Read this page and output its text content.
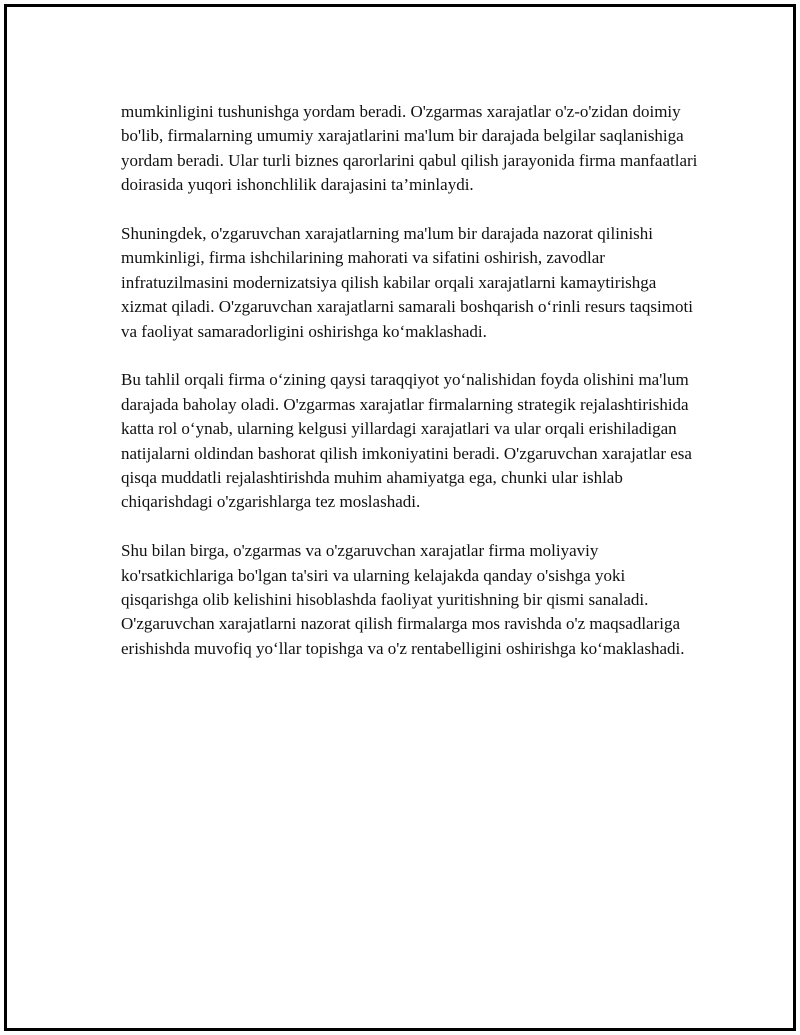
mumkinligini tushunishga yordam beradi. O'zgarmas xarajatlar o'z-o'zidan doimiy bo'lib, firmalarning umumiy xarajatlarini ma'lum bir darajada belgilar saqlanishiga yordam beradi. Ular turli biznes qarorlarini qabul qilish jarayonida firma manfaatlari doirasida yuqori ishonchlilik darajasini ta’minlaydi.

Shuningdek, o'zgaruvchan xarajatlarning ma'lum bir darajada nazorat qilinishi mumkinligi, firma ishchilarining mahorati va sifatini oshirish, zavodlar infratuzilmasini modernizatsiya qilish kabilar orqali xarajatlarni kamaytirishga xizmat qiladi. O'zgaruvchan xarajatlarni samarali boshqarish o‘rinli resurs taqsimoti va faoliyat samaradorligini oshirishga ko‘maklashadi.

Bu tahlil orqali firma o‘zining qaysi taraqqiyot yo‘nalishidan foyda olishini ma'lum darajada baholay oladi. O'zgarmas xarajatlar firmalarning strategik rejalashtirishida katta rol o‘ynab, ularning kelgusi yillardagi xarajatlari va ular orqali erishiladigan natijalarni oldindan bashorat qilish imkoniyatini beradi. O'zgaruvchan xarajatlar esa qisqa muddatli rejalashtirishda muhim ahamiyatga ega, chunki ular ishlab chiqarishdagi o'zgarishlarga tez moslashadi.

Shu bilan birga, o'zgarmas va o'zgaruvchan xarajatlar firma moliyaviy ko'rsatkichlariga bo'lgan ta'siri va ularning kelajakda qanday o'sishga yoki qisqarishga olib kelishini hisoblashda faoliyat yuritishning bir qismi sanaladi. O'zgaruvchan xarajatlarni nazorat qilish firmalarga mos ravishda o'z maqsadlariga erishishda muvofiq yo‘llar topishga va o'z rentabelligini oshirishga ko‘maklashadi.
